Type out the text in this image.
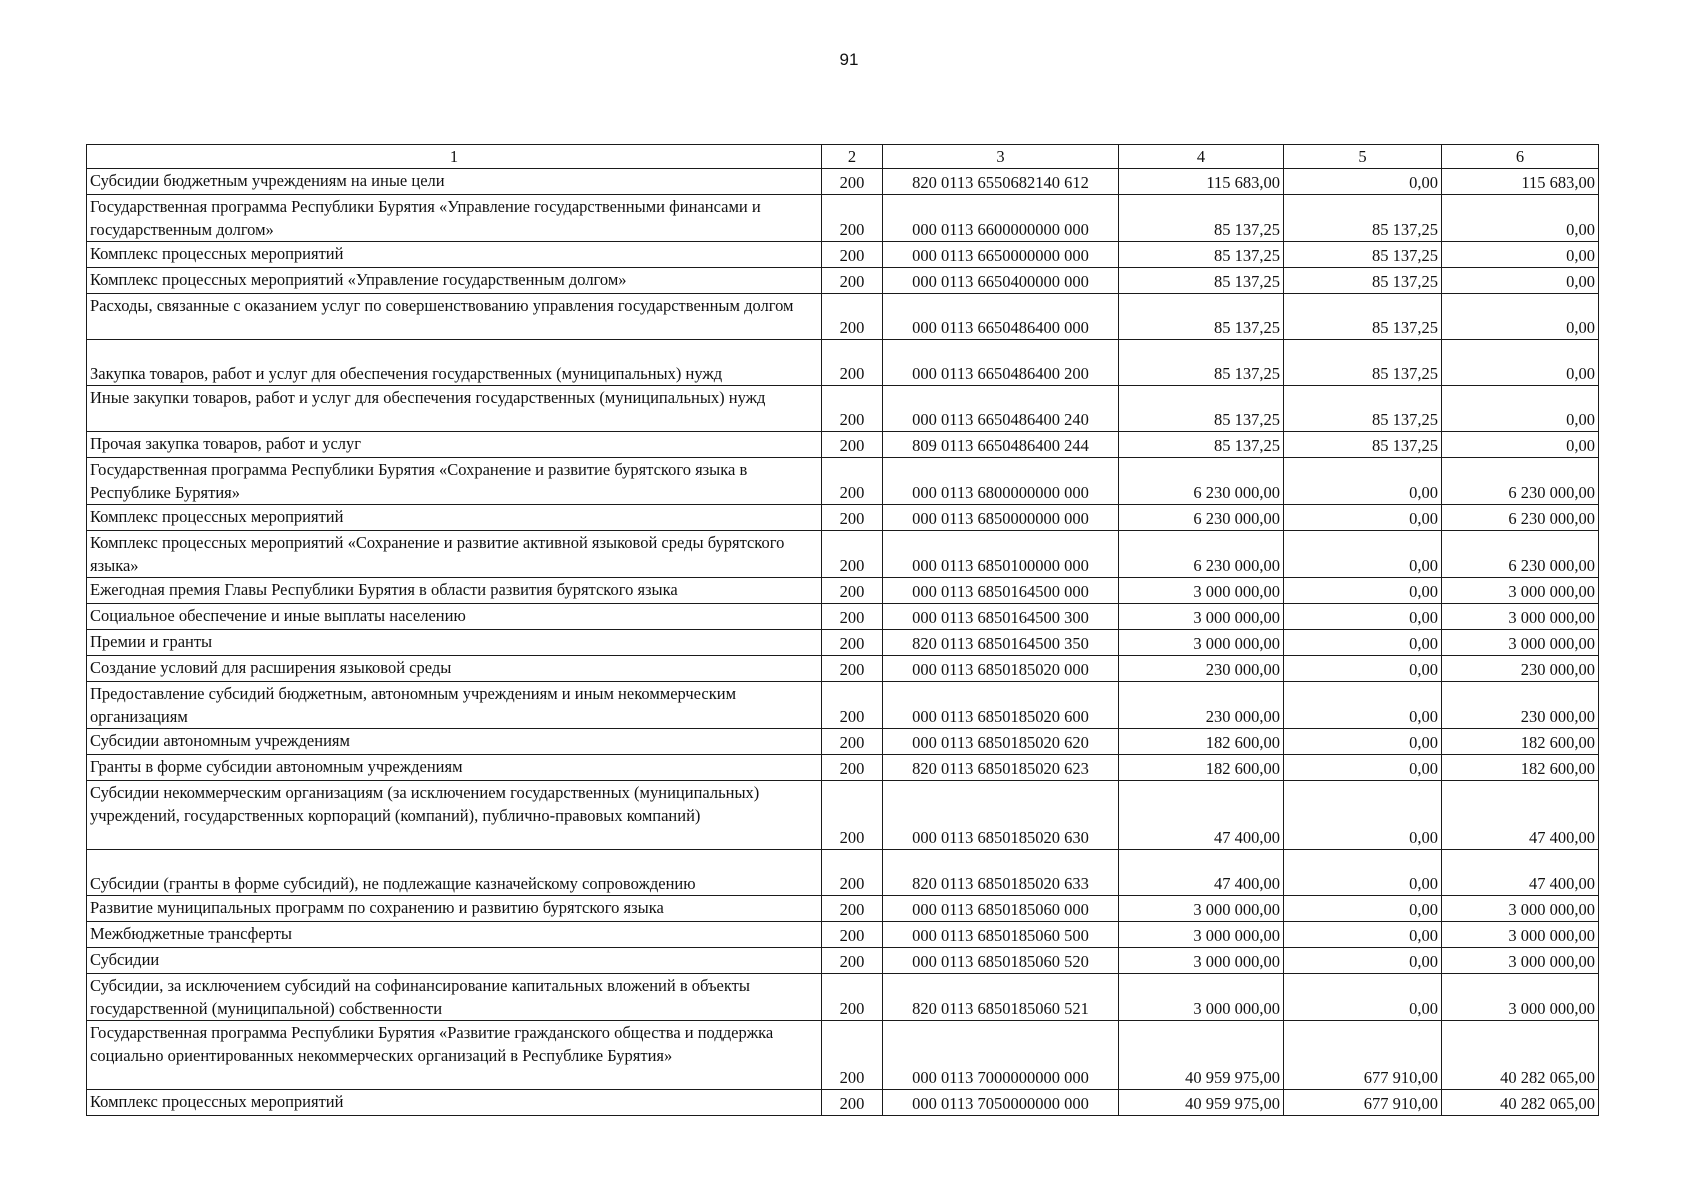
91
1	2	3	4	5	6
Субсидии бюджетным учреждениям на иные цели	200	820 0113 6550682140 612	115 683,00	0,00	115 683,00
Государственная программа Республики Бурятия «Управление государственными финансами и государственным долгом»	200	000 0113 6600000000 000	85 137,25	85 137,25	0,00
Комплекс процессных мероприятий	200	000 0113 6650000000 000	85 137,25	85 137,25	0,00
Комплекс процессных мероприятий «Управление государственным долгом»	200	000 0113 6650400000 000	85 137,25	85 137,25	0,00
Расходы, связанные с оказанием услуг по совершенствованию управления государственным долгом	200	000 0113 6650486400 000	85 137,25	85 137,25	0,00
Закупка товаров, работ и услуг для обеспечения государственных (муниципальных) нужд	200	000 0113 6650486400 200	85 137,25	85 137,25	0,00
Иные закупки товаров, работ и услуг для обеспечения государственных (муниципальных) нужд	200	000 0113 6650486400 240	85 137,25	85 137,25	0,00
Прочая закупка товаров, работ и услуг	200	809 0113 6650486400 244	85 137,25	85 137,25	0,00
Государственная программа Республики Бурятия «Сохранение и развитие бурятского языка в Республике Бурятия»	200	000 0113 6800000000 000	6 230 000,00	0,00	6 230 000,00
Комплекс процессных мероприятий	200	000 0113 6850000000 000	6 230 000,00	0,00	6 230 000,00
Комплекс процессных мероприятий «Сохранение и развитие активной языковой среды бурятского языка»	200	000 0113 6850100000 000	6 230 000,00	0,00	6 230 000,00
Ежегодная премия Главы Республики Бурятия в области развития бурятского языка	200	000 0113 6850164500 000	3 000 000,00	0,00	3 000 000,00
Социальное обеспечение и иные выплаты населению	200	000 0113 6850164500 300	3 000 000,00	0,00	3 000 000,00
Премии и гранты	200	820 0113 6850164500 350	3 000 000,00	0,00	3 000 000,00
Создание условий для расширения языковой среды	200	000 0113 6850185020 000	230 000,00	0,00	230 000,00
Предоставление субсидий бюджетным, автономным учреждениям и иным некоммерческим организациям	200	000 0113 6850185020 600	230 000,00	0,00	230 000,00
Субсидии автономным учреждениям	200	000 0113 6850185020 620	182 600,00	0,00	182 600,00
Гранты в форме субсидии автономным учреждениям	200	820 0113 6850185020 623	182 600,00	0,00	182 600,00
Субсидии некоммерческим организациям (за исключением государственных (муниципальных) учреждений, государственных корпораций (компаний), публично-правовых компаний)	200	000 0113 6850185020 630	47 400,00	0,00	47 400,00
Субсидии (гранты в форме субсидий), не подлежащие казначейскому сопровождению	200	820 0113 6850185020 633	47 400,00	0,00	47 400,00
Развитие муниципальных программ по сохранению и развитию бурятского языка	200	000 0113 6850185060 000	3 000 000,00	0,00	3 000 000,00
Межбюджетные трансферты	200	000 0113 6850185060 500	3 000 000,00	0,00	3 000 000,00
Субсидии	200	000 0113 6850185060 520	3 000 000,00	0,00	3 000 000,00
Субсидии, за исключением субсидий на софинансирование капитальных вложений в объекты государственной (муниципальной) собственности	200	820 0113 6850185060 521	3 000 000,00	0,00	3 000 000,00
Государственная программа Республики Бурятия «Развитие гражданского общества и поддержка социально ориентированных некоммерческих организаций в Республике Бурятия»	200	000 0113 7000000000 000	40 959 975,00	677 910,00	40 282 065,00
Комплекс процессных мероприятий	200	000 0113 7050000000 000	40 959 975,00	677 910,00	40 282 065,00
